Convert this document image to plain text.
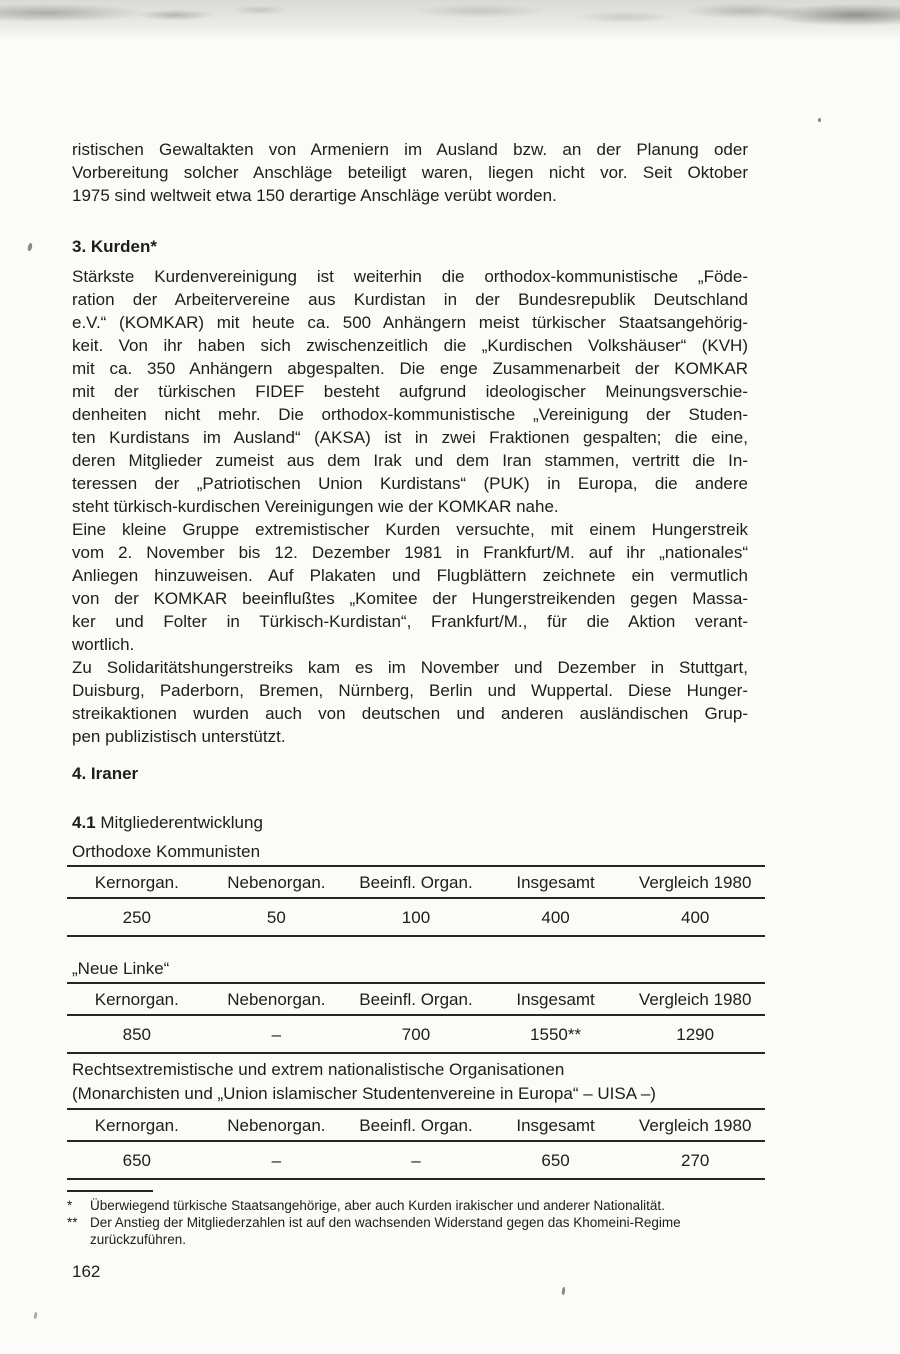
ristischen Gewaltakten von Armeniern im Ausland bzw. an der Planung oder
Vorbereitung solcher Anschläge beteiligt waren, liegen nicht vor. Seit Oktober
1975 sind weltweit etwa 150 derartige Anschläge verübt worden.
3. Kurden*
Stärkste Kurdenvereinigung ist weiterhin die orthodox-kommunistische „Föde-
ration der Arbeitervereine aus Kurdistan in der Bundesrepublik Deutschland
e.V.“ (KOMKAR) mit heute ca. 500 Anhängern meist türkischer Staatsangehörig-
keit. Von ihr haben sich zwischenzeitlich die „Kurdischen Volkshäuser“ (KVH)
mit ca. 350 Anhängern abgespalten. Die enge Zusammenarbeit der KOMKAR
mit der türkischen FIDEF besteht aufgrund ideologischer Meinungsverschie-
denheiten nicht mehr. Die orthodox-kommunistische „Vereinigung der Studen-
ten Kurdistans im Ausland“ (AKSA) ist in zwei Fraktionen gespalten; die eine,
deren Mitglieder zumeist aus dem Irak und dem Iran stammen, vertritt die In-
teressen der „Patriotischen Union Kurdistans“ (PUK) in Europa, die andere
steht türkisch-kurdischen Vereinigungen wie der KOMKAR nahe.
Eine kleine Gruppe extremistischer Kurden versuchte, mit einem Hungerstreik
vom 2. November bis 12. Dezember 1981 in Frankfurt/M. auf ihr „nationales“
Anliegen hinzuweisen. Auf Plakaten und Flugblättern zeichnete ein vermutlich
von der KOMKAR beeinflußtes „Komitee der Hungerstreikenden gegen Massa-
ker und Folter in Türkisch-Kurdistan“, Frankfurt/M., für die Aktion verant-
wortlich.
Zu Solidaritätshungerstreiks kam es im November und Dezember in Stuttgart,
Duisburg, Paderborn, Bremen, Nürnberg, Berlin und Wuppertal. Diese Hunger-
streikaktionen wurden auch von deutschen und anderen ausländischen Grup-
pen publizistisch unterstützt.
4. Iraner
4.1 Mitgliederentwicklung
Orthodoxe Kommunisten
Kernorgan.	Nebenorgan.	Beeinfl. Organ.	Insgesamt	Vergleich 1980
250	50	100	400	400
„Neue Linke“
Kernorgan.	Nebenorgan.	Beeinfl. Organ.	Insgesamt	Vergleich 1980
850	–	700	1550**	1290
Rechtsextremistische und extrem nationalistische Organisationen
(Monarchisten und „Union islamischer Studentenvereine in Europa“ – UISA –)
Kernorgan.	Nebenorgan.	Beeinfl. Organ.	Insgesamt	Vergleich 1980
650	–	–	650	270
*	Überwiegend türkische Staatsangehörige, aber auch Kurden irakischer und anderer Nationalität.
** Der Anstieg der Mitgliederzahlen ist auf den wachsenden Widerstand gegen das Khomeini-Regime zurückzuführen.
162
